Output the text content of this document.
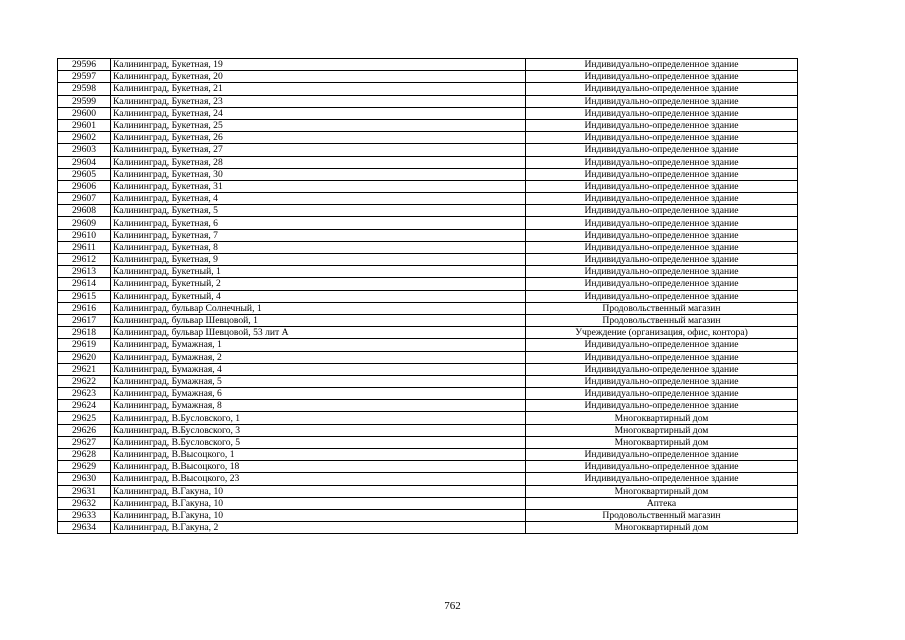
29596	Калининград, Букетная, 19	Индивидуально-определенное здание
29597	Калининград, Букетная, 20	Индивидуально-определенное здание
29598	Калининград, Букетная, 21	Индивидуально-определенное здание
29599	Калининград, Букетная, 23	Индивидуально-определенное здание
29600	Калининград, Букетная, 24	Индивидуально-определенное здание
29601	Калининград, Букетная, 25	Индивидуально-определенное здание
29602	Калининград, Букетная, 26	Индивидуально-определенное здание
29603	Калининград, Букетная, 27	Индивидуально-определенное здание
29604	Калининград, Букетная, 28	Индивидуально-определенное здание
29605	Калининград, Букетная, 30	Индивидуально-определенное здание
29606	Калининград, Букетная, 31	Индивидуально-определенное здание
29607	Калининград, Букетная, 4	Индивидуально-определенное здание
29608	Калининград, Букетная, 5	Индивидуально-определенное здание
29609	Калининград, Букетная, 6	Индивидуально-определенное здание
29610	Калининград, Букетная, 7	Индивидуально-определенное здание
29611	Калининград, Букетная, 8	Индивидуально-определенное здание
29612	Калининград, Букетная, 9	Индивидуально-определенное здание
29613	Калининград, Букетный, 1	Индивидуально-определенное здание
29614	Калининград, Букетный, 2	Индивидуально-определенное здание
29615	Калининград, Букетный, 4	Индивидуально-определенное здание
29616	Калининград, бульвар Солнечный, 1	Продовольственный магазин
29617	Калининград, бульвар Шевцовой, 1	Продовольственный магазин
29618	Калининград, бульвар Шевцовой, 53 лит А	Учреждение (организация, офис, контора)
29619	Калининград, Бумажная, 1	Индивидуально-определенное здание
29620	Калининград, Бумажная, 2	Индивидуально-определенное здание
29621	Калининград, Бумажная, 4	Индивидуально-определенное здание
29622	Калининград, Бумажная, 5	Индивидуально-определенное здание
29623	Калининград, Бумажная, 6	Индивидуально-определенное здание
29624	Калининград, Бумажная, 8	Индивидуально-определенное здание
29625	Калининград, В.Бусловского, 1	Многоквартирный дом
29626	Калининград, В.Бусловского, 3	Многоквартирный дом
29627	Калининград, В.Бусловского, 5	Многоквартирный дом
29628	Калининград, В.Высоцкого, 1	Индивидуально-определенное здание
29629	Калининград, В.Высоцкого, 18	Индивидуально-определенное здание
29630	Калининград, В.Высоцкого, 23	Индивидуально-определенное здание
29631	Калининград, В.Гакуна, 10	Многоквартирный дом
29632	Калининград, В.Гакуна, 10	Аптека
29633	Калининград, В.Гакуна, 10	Продовольственный магазин
29634	Калининград, В.Гакуна, 2	Многоквартирный дом
762
